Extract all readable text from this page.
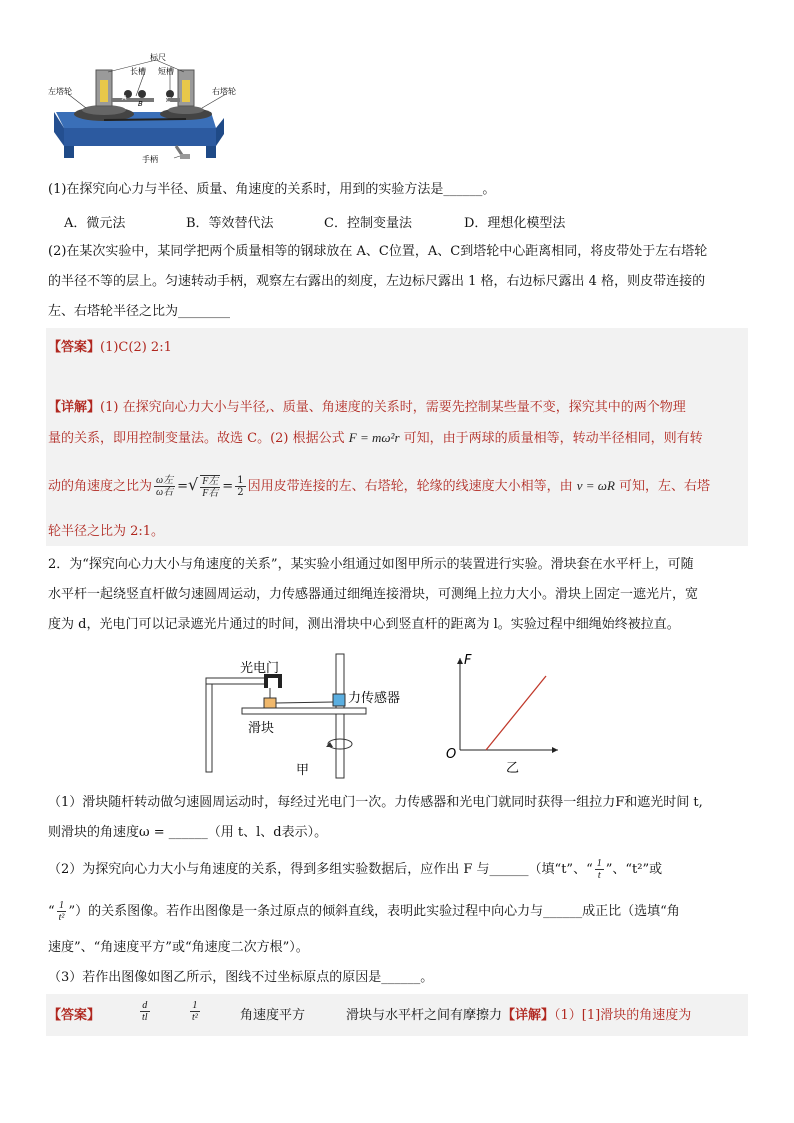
标尺
长槽 短槽
左塔轮	右塔轮
手柄
A
B	C
(1)在探究向心力与半径、质量、角速度的关系时，用到的实验方法是______。
A．微元法	B．等效替代法	C．控制变量法	D．理想化模型法
(2)在某次实验中，某同学把两个质量相等的钢球放在 A、C位置，A、C到塔轮中心距离相同，将皮带处于左右塔轮
的半径不等的层上。匀速转动手柄，观察左右露出的刻度，左边标尺露出 1 格，右边标尺露出 4 格，则皮带连接的
左、右塔轮半径之比为________
【答案】(1)C(2) 2:1
【详解】(1) 在探究向心力大小与半径,、质量、角速度的关系时，需要先控制某些量不变，探究其中的两个物理
量的关系，即用控制变量法。故选 C。(2) 根据公式 F = mω²r 可知，由于两球的质量相等，转动半径相同，则有转
动的角速度之比为 $\frac{\text{ω左}}{\text{ω右}}$ =√ $\frac{\text{F左}}{\text{F右}} = \frac{1}{2}$ 因用皮带连接的左、右塔轮，轮缘的线速度大小相等，由 v = ωR 可知，左、右塔
轮半径之比为 2:1。
2．为“探究向心力大小与角速度的关系”，某实验小组通过如图甲所示的装置进行实验。滑块套在水平杆上，可随
水平杆一起绕竖直杆做匀速圆周运动，力传感器通过细绳连接滑块，可测绳上拉力大小。滑块上固定一遮光片，宽
度为 d，光电门可以记录遮光片通过的时间，测出滑块中心到竖直杆的距离为 l。实验过程中细绳始终被拉直。
光电门
力传感器
滑块
甲
F
O
乙
（1）滑块随杆转动做匀速圆周运动时，每经过光电门一次。力传感器和光电门就同时获得一组拉力F和遮光时间 t,
则滑块的角速度ω = ______（用 t、l、d表示）。
（2）为探究向心力大小与角速度的关系，得到多组实验数据后，应作出 F 与______（填“t”、“ $\frac{1}{t}$ ”、“t²”或
“ $\frac{1}{\text{t²}}$ ”）的关系图像。若作出图像是一条过原点的倾斜直线，表明此实验过程中向心力与______成正比（选填“角
速度”、“角速度平方”或“角速度二次方根”）。
（3）若作出图像如图乙所示，图线不过坐标原点的原因是______。
【答案】	$\frac{d}{tl}$	$\frac{1}{\text{t²}}$	角速度平方	滑块与水平杆之间有摩擦力【详解】（1）[1]滑块的角速度为
